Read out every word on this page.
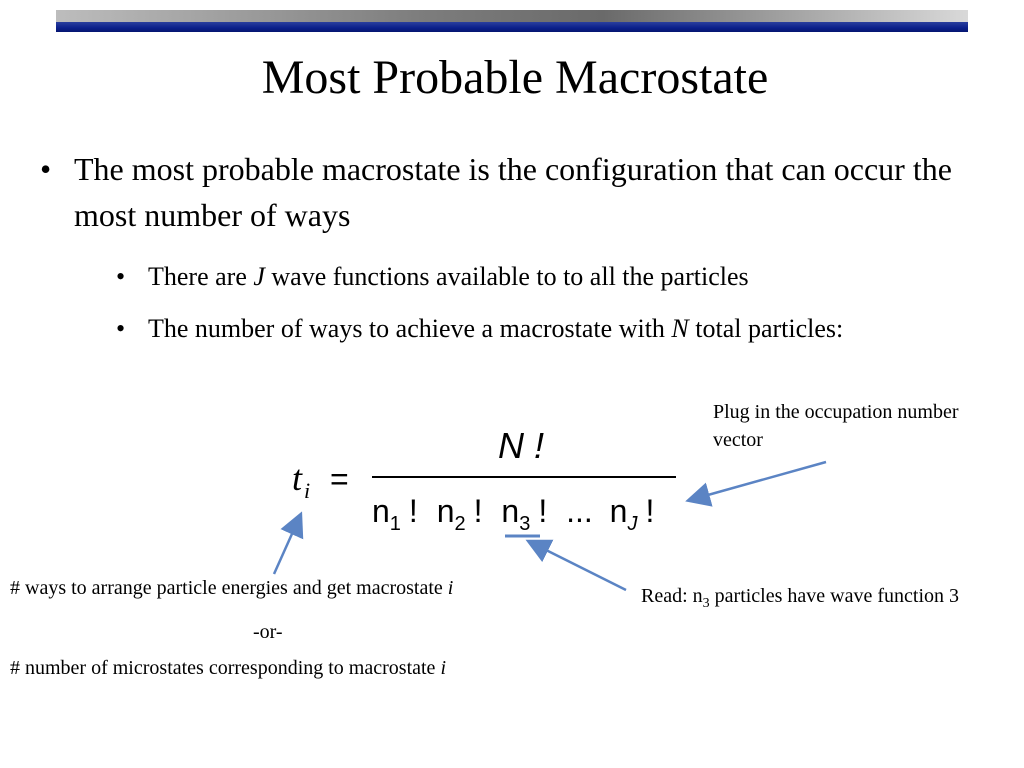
Most Probable Macrostate
• The most probable macrostate is the configuration that can occur the most number of ways
• There are J wave functions available to to all the particles
• The number of ways to achieve a macrostate with N total particles:
t i =
N !
$n_1$ ! $n_2$ ! $n_3$ ! ... $n_J$ !
Plug in the occupation number vector
# ways to arrange particle energies and get macrostate i
-or-
# number of microstates corresponding to macrostate i
Read: $n_3$ particles have wave function 3
